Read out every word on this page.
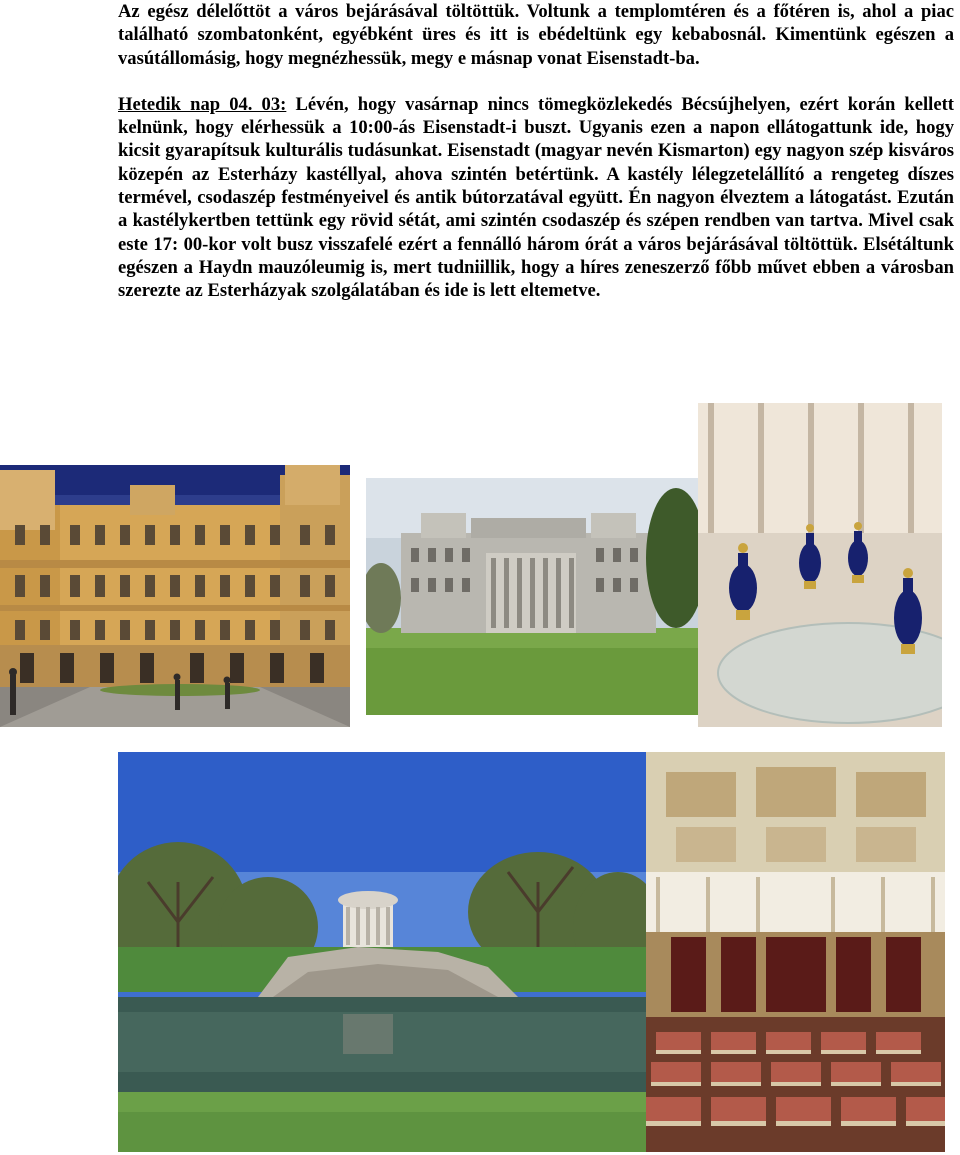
Az egész délelőttöt a város bejárásával töltöttük. Voltunk a templomtéren és a főtéren is, ahol a piac található szombatonként, egyébként üres és itt is ebédeltünk egy kebabosnál. Kimentünk egészen a vasútállomásig, hogy megnézhessük, megy e másnap vonat Eisenstadt-ba.

Hetedik nap 04. 03: Lévén, hogy vasárnap nincs tömegközlekedés Bécsújhelyen, ezért korán kellett kelnünk, hogy elérhessük a 10:00-ás Eisenstadt-i buszt. Ugyanis ezen a napon ellátogattunk ide, hogy kicsit gyarapítsuk kulturális tudásunkat. Eisenstadt (magyar nevén Kismarton) egy nagyon szép kisváros közepén az Esterházy kastéllyal, ahova szintén betértünk. A kastély lélegzetelállító a rengeteg díszes termével, csodaszép festményeivel és antik bútorzatával együtt. Én nagyon élveztem a látogatást. Ezután a kastélykertben tettünk egy rövid sétát, ami szintén csodaszép és szépen rendben van tartva. Mivel csak este 17: 00-kor volt busz visszafelé ezért a fennálló három órát a város bejárásával töltöttük. Elsétáltunk egészen a Haydn mauzóleumig is, mert tudniillik, hogy a híres zeneszerző főbb művet ebben a városban szerezte az Esterházyak szolgálatában és ide is lett eltemetve.
